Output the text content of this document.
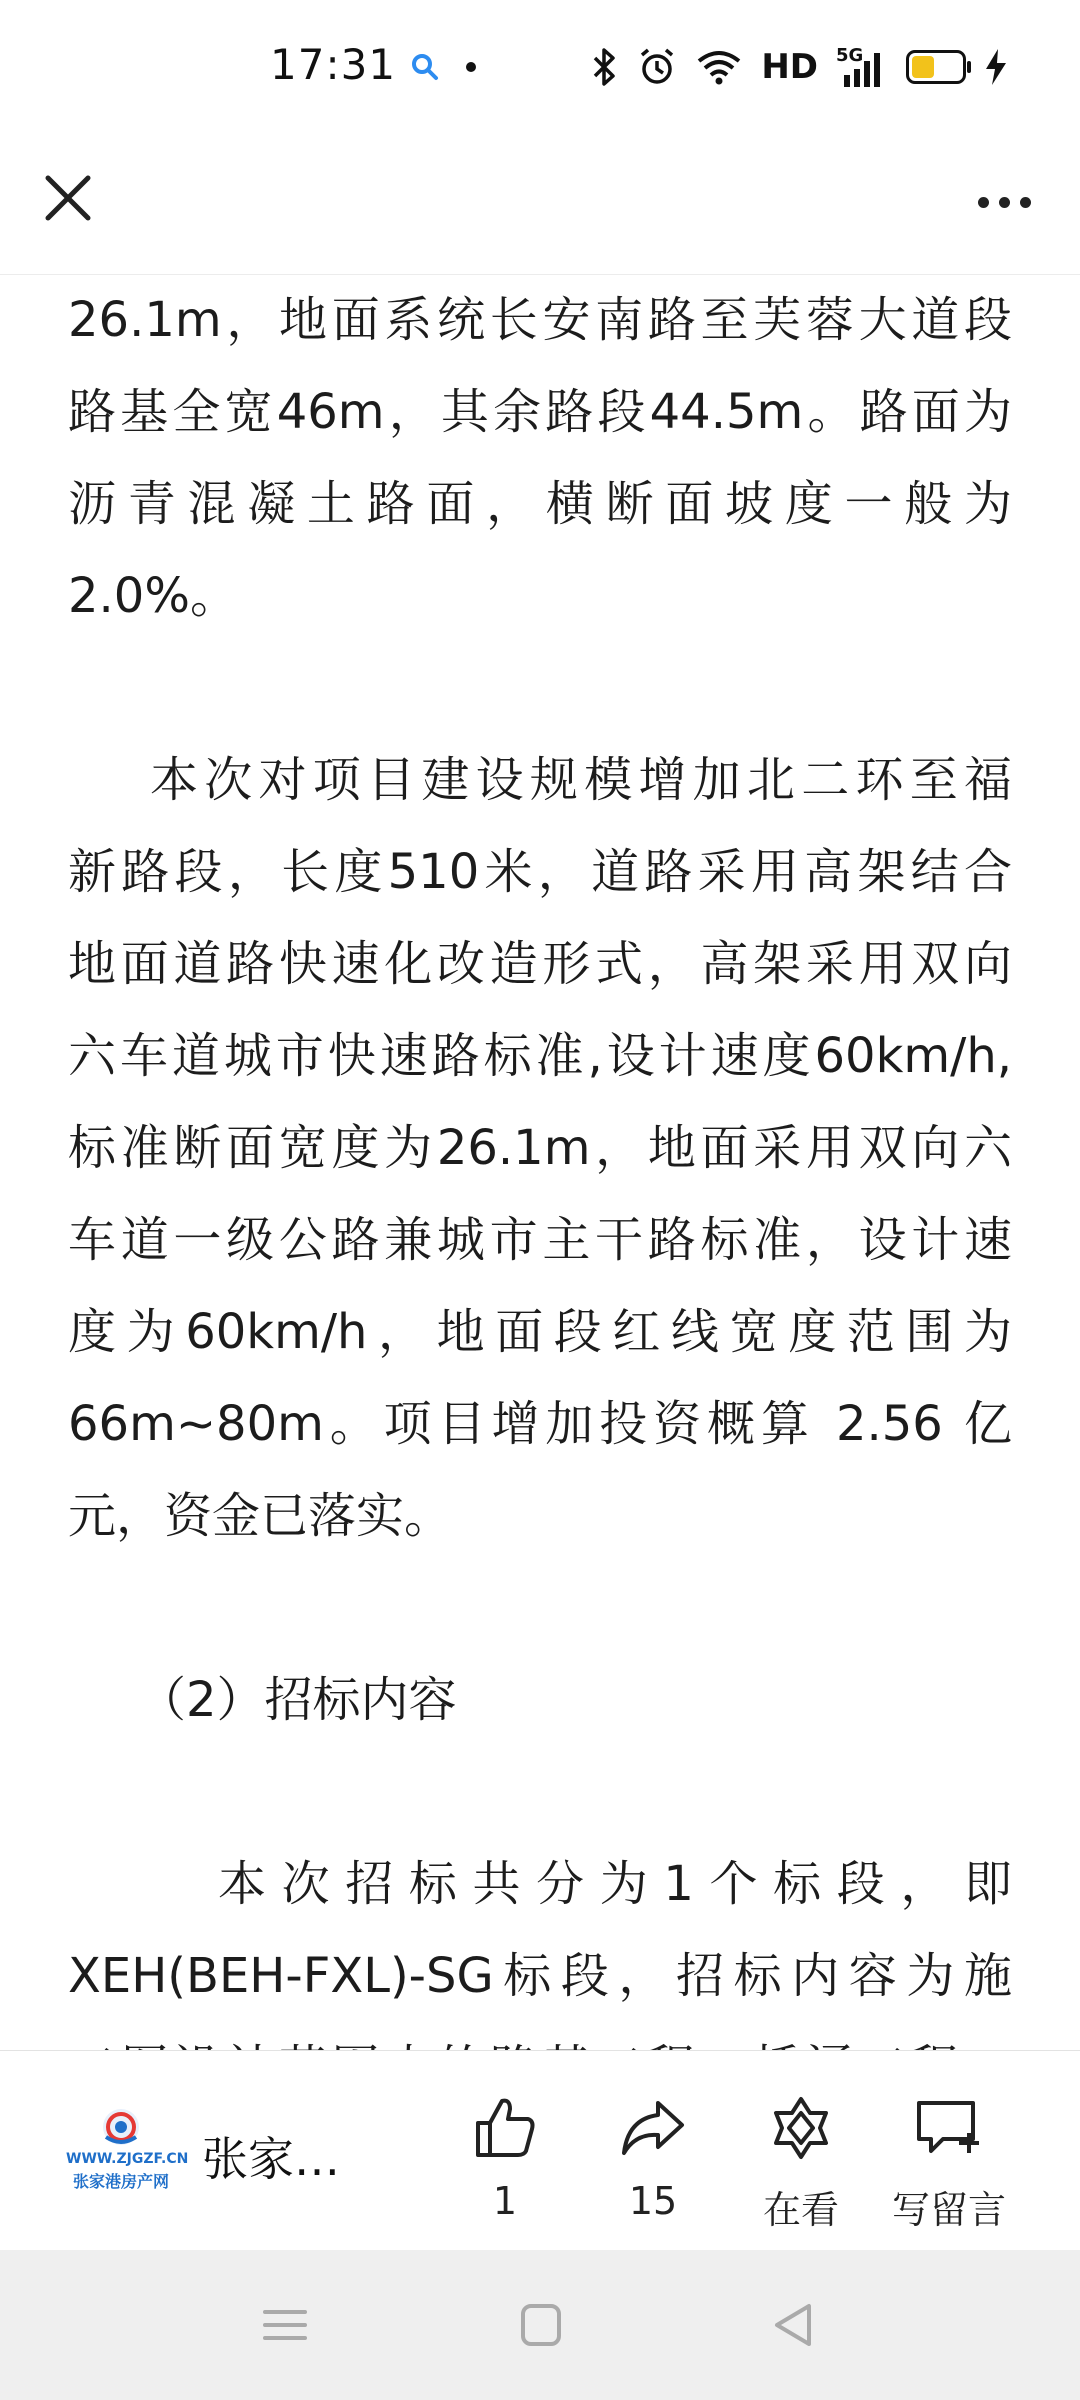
17:31	HD 5G
26.1m，地面系统长安南路至芙蓉大道段
路基全宽46m，其余路段44.5m。路面为
沥青混凝土路面，横断面坡度一般为
2.0%。
本次对项目建设规模增加北二环至福
新路段，长度510米，道路采用高架结合
地面道路快速化改造形式，高架采用双向
六车道城市快速路标准,设计速度60km/h,
标准断面宽度为26.1m，地面采用双向六
车道一级公路兼城市主干路标准，设计速
度为60km/h，地面段红线宽度范围为
66m~80m。项目增加投资概算 2.56 亿
元，资金已落实。
（2）招标内容
本次招标共分为1个标段，即
XEH(BEH-FXL)-SG标段，招标内容为施
WWW.ZJGZF.CN
张家港房产网 张家…
1	15	在看	写留言
